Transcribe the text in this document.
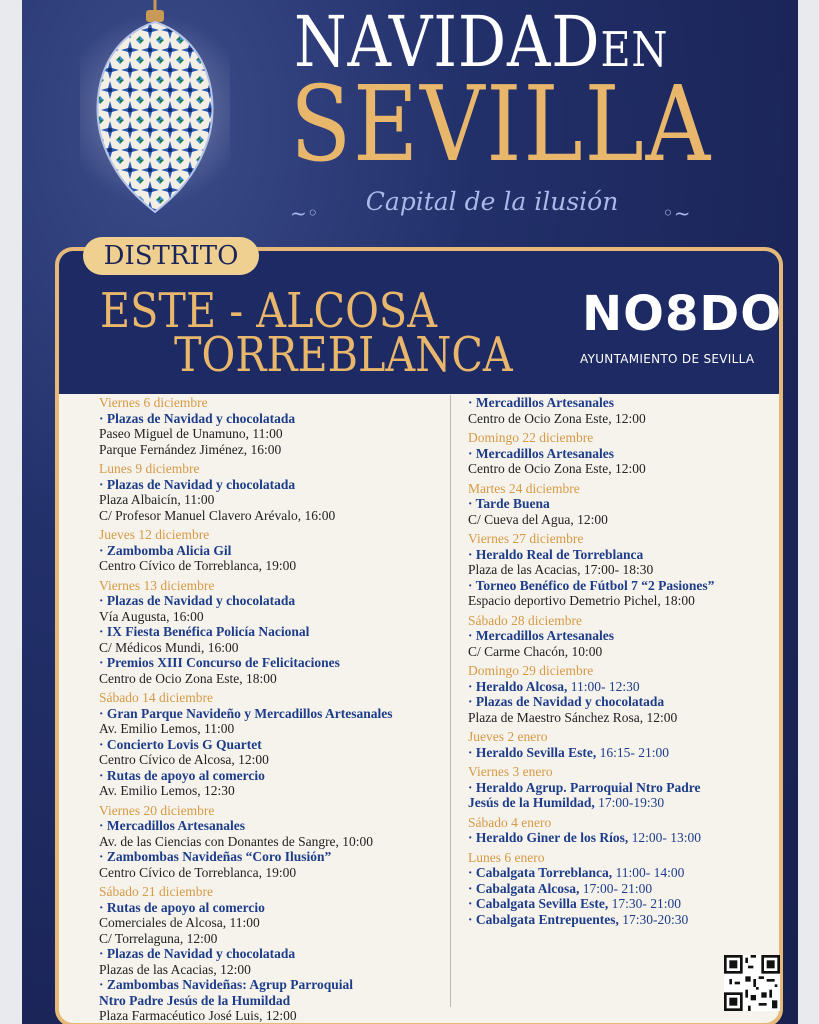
NAVIDADEN
SEVILLA
~◦	Capital de la ilusión	◦~
DISTRITO
ESTE - ALCOSA
TORREBLANCA
NO8DO
AYUNTAMIENTO DE SEVILLA
Viernes 6 diciembre
· Plazas de Navidad y chocolatada
Paseo Miguel de Unamuno, 11:00
Parque Fernández Jiménez, 16:00
Lunes 9 diciembre
· Plazas de Navidad y chocolatada
Plaza Albaicín, 11:00
C/ Profesor Manuel Clavero Arévalo, 16:00
Jueves 12 diciembre
· Zambomba Alicia Gil
Centro Cívico de Torreblanca, 19:00
Viernes 13 diciembre
· Plazas de Navidad y chocolatada
Vía Augusta, 16:00
· IX Fiesta Benéfica Policía Nacional
C/ Médicos Mundi, 16:00
· Premios XIII Concurso de Felicitaciones
Centro de Ocio Zona Este, 18:00
Sábado 14 diciembre
· Gran Parque Navideño y Mercadillos Artesanales
Av. Emilio Lemos, 11:00
· Concierto Lovis G Quartet
Centro Cívico de Alcosa, 12:00
· Rutas de apoyo al comercio
Av. Emilio Lemos, 12:30
Viernes 20 diciembre
· Mercadillos Artesanales
Av. de las Ciencias con Donantes de Sangre, 10:00
· Zambombas Navideñas “Coro Ilusión”
Centro Cívico de Torreblanca, 19:00
Sábado 21 diciembre
· Rutas de apoyo al comercio
Comerciales de Alcosa, 11:00
C/ Torrelaguna, 12:00
· Plazas de Navidad y chocolatada
Plazas de las Acacias, 12:00
· Zambombas Navideñas: Agrup Parroquial
Ntro Padre Jesús de la Humildad
Plaza Farmacéutico José Luis, 12:00
· Mercadillos Artesanales
Centro de Ocio Zona Este, 12:00
Domingo 22 diciembre
· Mercadillos Artesanales
Centro de Ocio Zona Este, 12:00
Martes 24 diciembre
· Tarde Buena
C/ Cueva del Agua, 12:00
Viernes 27 diciembre
· Heraldo Real de Torreblanca
Plaza de las Acacias, 17:00- 18:30
· Torneo Benéfico de Fútbol 7 “2 Pasiones”
Espacio deportivo Demetrio Pichel, 18:00
Sábado 28 diciembre
· Mercadillos Artesanales
C/ Carme Chacón, 10:00
Domingo 29 diciembre
· Heraldo Alcosa, 11:00- 12:30
· Plazas de Navidad y chocolatada
Plaza de Maestro Sánchez Rosa, 12:00
Jueves 2 enero
· Heraldo Sevilla Este, 16:15- 21:00
Viernes 3 enero
· Heraldo Agrup. Parroquial Ntro Padre
Jesús de la Humildad, 17:00-19:30
Sábado 4 enero
· Heraldo Giner de los Ríos, 12:00- 13:00
Lunes 6 enero
· Cabalgata Torreblanca, 11:00- 14:00
· Cabalgata Alcosa, 17:00- 21:00
· Cabalgata Sevilla Este, 17:30- 21:00
· Cabalgata Entrepuentes, 17:30-20:30
